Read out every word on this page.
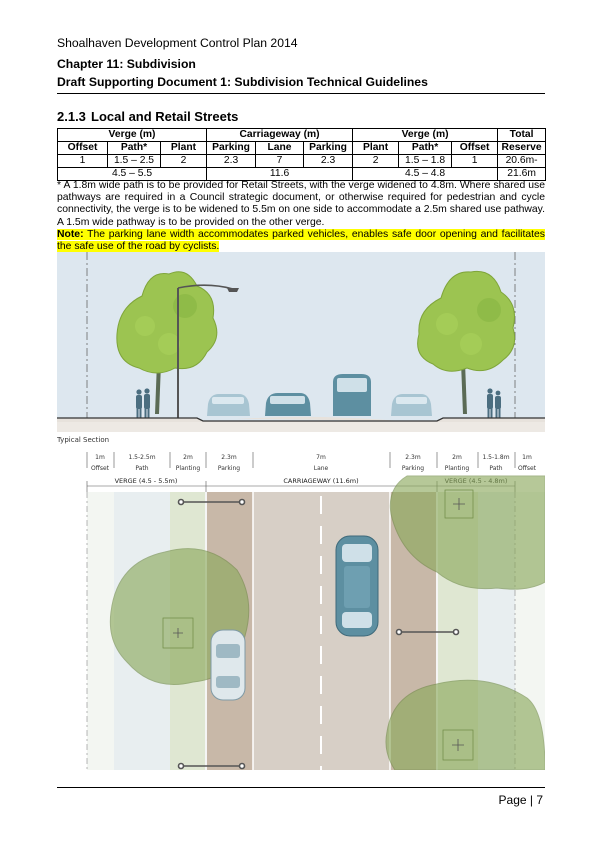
Shoalhaven Development Control Plan 2014
Chapter 11: Subdivision
Draft Supporting Document 1: Subdivision Technical Guidelines
2.1.3 Local and Retail Streets
Verge (m)			Carriageway (m)			Verge (m)			Total
Offset	Path*	Plant	Parking	Lane	Parking	Plant	Path*	Offset	Reserve
1	1.5 – 2.5	2	2.3	7	2.3	2	1.5 – 1.8	1	20.6m-
4.5 – 5.5			11.6			4.5 – 4.8			21.6m

* A 1.8m wide path is to be provided for Retail Streets, with the verge widened to 4.8m. Where shared use pathways are required in a Council strategic document, or otherwise required for pedestrian and cycle connectivity, the verge is to be widened to 5.5m on one side to accommodate a 2.5m shared use pathway. A 1.5m wide pathway is to be provided on the other verge.

Note: The parking lane width accommodates parked vehicles, enables safe door opening and facilitates the safe use of the road by cyclists.

Typical Section
1m	1.5-2.5m	2m	2.3m	7m	2.3m	2m	1.5-1.8m 1m
Offset	Path	Planting	Parking	Lane	Parking	Planting	Path	Offset
VERGE (4.5 - 5.5m)	CARRIAGEWAY (11.6m)
Page | 7
